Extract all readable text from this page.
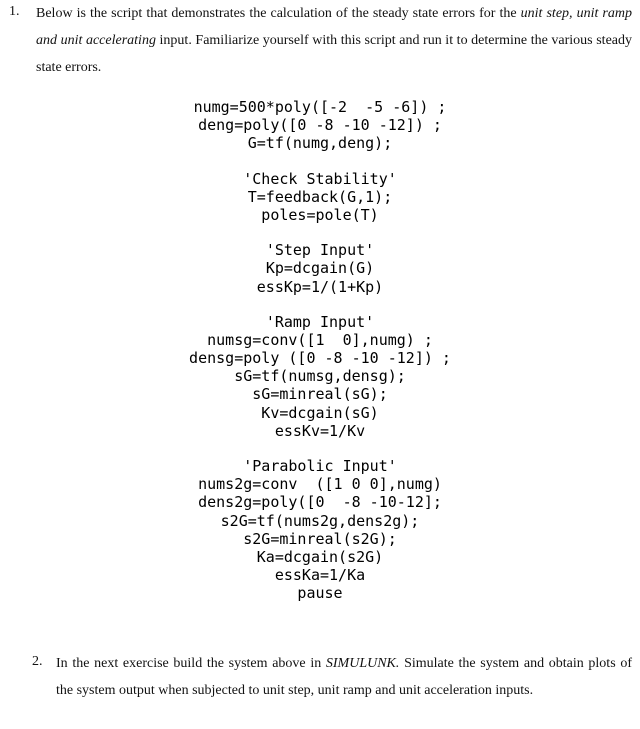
1. Below is the script that demonstrates the calculation of the steady state errors for the unit step, unit ramp and unit accelerating input. Familiarize yourself with this script and run it to determine the various steady state errors.

numg=500*poly([-2  -5 -6]) ;
deng=poly([0 -8 -10 -12]) ;
G=tf(numg,deng);
'Check Stability'
T=feedback(G,1);
poles=pole(T)
'Step Input'
Kp=dcgain(G)
essKp=1/(1+Kp)
'Ramp Input'
numsg=conv([1  0],numg) ;
densg=poly ([0 -8 -10 -12]) ;
sG=tf(numsg,densg);
sG=minreal(sG);
Kv=dcgain(sG)
essKv=1/Kv
'Parabolic Input'
nums2g=conv  ([1 0 0],numg)
dens2g=poly([0  -8 -10-12];
s2G=tf(nums2g,dens2g);
s2G=minreal(s2G);
Ka=dcgain(s2G)
essKa=1/Ka
pause
2. In the next exercise build the system above in SIMULUNK. Simulate the system and obtain plots of the system output when subjected to unit step, unit ramp and unit acceleration inputs.
